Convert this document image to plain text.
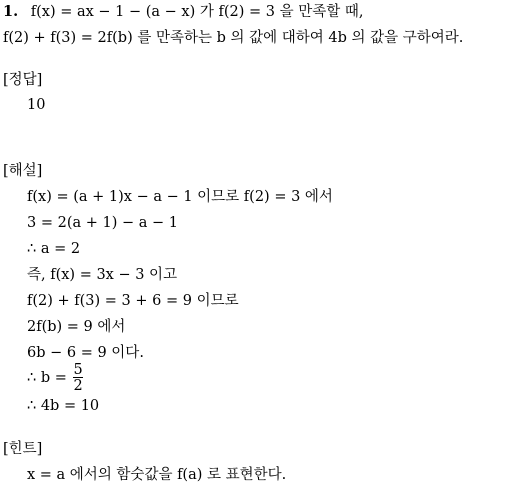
1. f(x) = ax − 1 − (a − x) 가 f(2) = 3 을 만족할 때,
f(2) + f(3) = 2f(b) 를 만족하는 b 의 값에 대하여 4b 의 값을 구하여라.
[정답]
10
[해설]
f(x) = (a + 1)x − a − 1 이므로 f(2) = 3 에서
3 = 2(a + 1) − a − 1
∴ a = 2
즉, f(x) = 3x − 3 이고
f(2) + f(3) = 3 + 6 = 9 이므로
2f(b) = 9 에서
6b − 6 = 9 이다.
∴ $b = \frac{5}{2}$
∴ 4b = 10
[힌트]
x = a 에서의 함숫값을 f(a) 로 표현한다.
